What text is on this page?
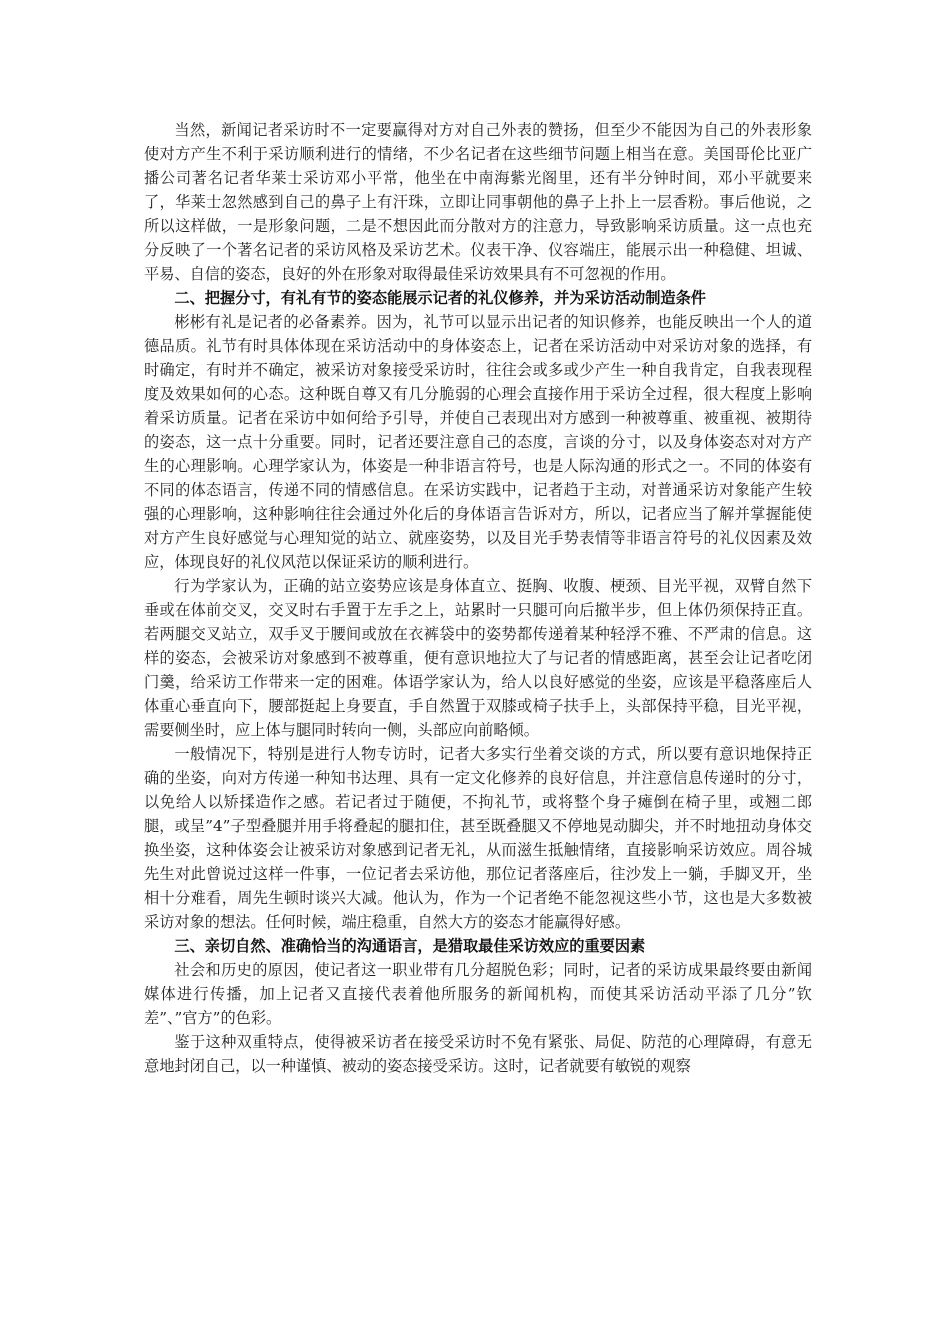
当然，新闻记者采访时不一定要赢得对方对自己外表的赞扬，但至少不能因为自己的外表形象使对方产生不利于采访顺利进行的情绪，不少名记者在这些细节问题上相当在意。美国哥伦比亚广播公司著名记者华莱士采访邓小平常，他坐在中南海紫光阁里，还有半分钟时间，邓小平就要来了，华莱士忽然感到自己的鼻子上有汗珠，立即让同事朝他的鼻子上扑上一层香粉。事后他说，之所以这样做，一是形象问题，二是不想因此而分散对方的注意力，导致影响采访质量。这一点也充分反映了一个著名记者的采访风格及采访艺术。仪表干净、仪容端庄，能展示出一种稳健、坦诚、平易、自信的姿态，良好的外在形象对取得最佳采访效果具有不可忽视的作用。

二、把握分寸，有礼有节的姿态能展示记者的礼仪修养，并为采访活动制造条件

彬彬有礼是记者的必备素养。因为，礼节可以显示出记者的知识修养，也能反映出一个人的道德品质。礼节有时具体体现在采访活动中的身体姿态上，记者在采访活动中对采访对象的选择，有时确定，有时并不确定，被采访对象接受采访时，往往会或多或少产生一种自我肯定，自我表现程度及效果如何的心态。这种既自尊又有几分脆弱的心理会直接作用于采访全过程，很大程度上影响着采访质量。记者在采访中如何给予引导，并使自己表现出对方感到一种被尊重、被重视、被期待的姿态，这一点十分重要。同时，记者还要注意自己的态度，言谈的分寸，以及身体姿态对对方产生的心理影响。心理学家认为，体姿是一种非语言符号，也是人际沟通的形式之一。不同的体姿有不同的体态语言，传递不同的情感信息。在采访实践中，记者趋于主动，对普通采访对象能产生较强的心理影响，这种影响往往会通过外化后的身体语言告诉对方，所以，记者应当了解并掌握能使对方产生良好感觉与心理知觉的站立、就座姿势，以及目光手势表情等非语言符号的礼仪因素及效应，体现良好的礼仪风范以保证采访的顺利进行。

行为学家认为，正确的站立姿势应该是身体直立、挺胸、收腹、梗颈、目光平视，双臂自然下垂或在体前交叉，交叉时右手置于左手之上，站累时一只腿可向后撤半步，但上体仍须保持正直。若两腿交叉站立，双手叉于腰间或放在衣裤袋中的姿势都传递着某种轻浮不雅、不严肃的信息。这样的姿态，会被采访对象感到不被尊重，便有意识地拉大了与记者的情感距离，甚至会让记者吃闭门羹，给采访工作带来一定的困难。体语学家认为，给人以良好感觉的坐姿，应该是平稳落座后人体重心垂直向下，腰部挺起上身要直，手自然置于双膝或椅子扶手上，头部保持平稳，目光平视，需要侧坐时，应上体与腿同时转向一侧，头部应向前略倾。

一般情况下，特别是进行人物专访时，记者大多实行坐着交谈的方式，所以要有意识地保持正确的坐姿，向对方传递一种知书达理、具有一定文化修养的良好信息，并注意信息传递时的分寸，以免给人以矫揉造作之感。若记者过于随便，不拘礼节，或将整个身子瘫倒在椅子里，或翘二郎腿，或呈”4”子型叠腿并用手将叠起的腿扣住，甚至既叠腿又不停地晃动脚尖，并不时地扭动身体交换坐姿，这种体姿会让被采访对象感到记者无礼，从而滋生抵触情绪，直接影响采访效应。周谷城先生对此曾说过这样一件事，一位记者去采访他，那位记者落座后，往沙发上一躺，手脚叉开，坐相十分难看，周先生顿时谈兴大减。他认为，作为一个记者绝不能忽视这些小节，这也是大多数被采访对象的想法。任何时候，端庄稳重，自然大方的姿态才能赢得好感。

三、亲切自然、准确恰当的沟通语言，是猎取最佳采访效应的重要因素

社会和历史的原因，使记者这一职业带有几分超脱色彩；同时，记者的采访成果最终要由新闻媒体进行传播，加上记者又直接代表着他所服务的新闻机构，而使其采访活动平添了几分”钦差”、”官方”的色彩。

鉴于这种双重特点，使得被采访者在接受采访时不免有紧张、局促、防范的心理障碍，有意无意地封闭自己，以一种谨慎、被动的姿态接受采访。这时，记者就要有敏锐的观察
